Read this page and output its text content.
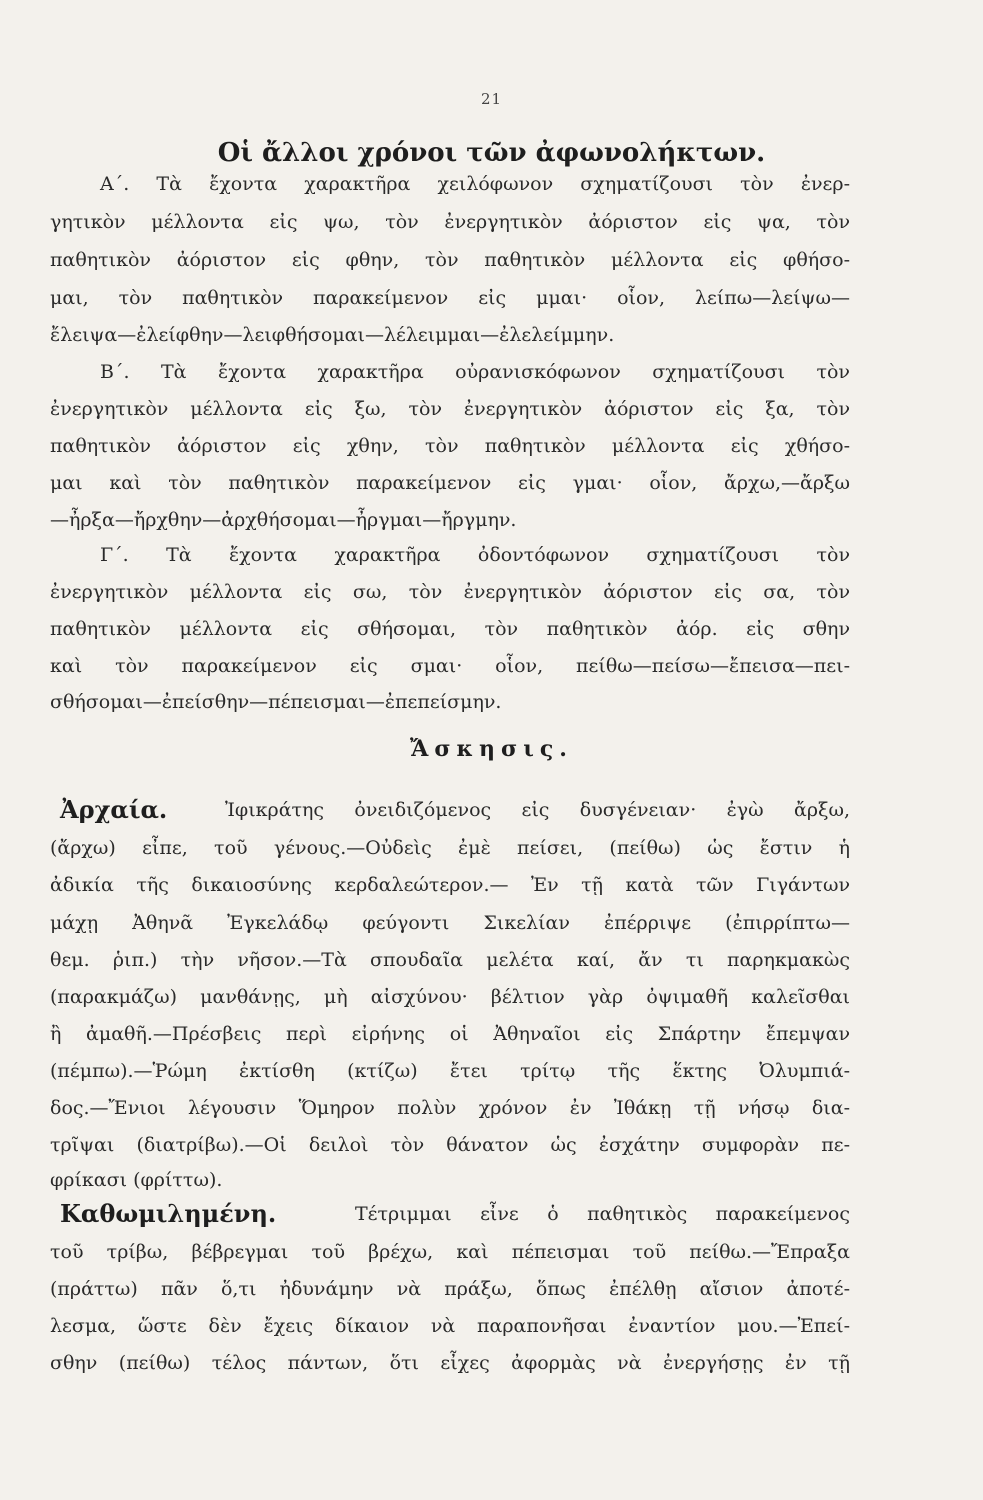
21
Οἱ ἄλλοι χρόνοι τῶν ἀφωνολήκτων.
Α΄. Τὰ ἔχοντα χαρακτῆρα χειλόφωνον σχηματίζουσι τὸν ἐνερ-
γητικὸν μέλλοντα εἰς ψω, τὸν ἐνεργητικὸν ἀόριστον εἰς ψα, τὸν
παθητικὸν ἀόριστον εἰς φθην, τὸν παθητικὸν μέλλοντα εἰς φθήσο-
μαι, τὸν παθητικὸν παρακείμενον εἰς μμαι· οἷον, λείπω—λείψω—
ἔλειψα—ἐλείφθην—λειφθήσομαι—λέλειμμαι—ἐλελείμμην.
Β΄. Τὰ ἔχοντα χαρακτῆρα οὐρανισκόφωνον σχηματίζουσι τὸν
ἐνεργητικὸν μέλλοντα εἰς ξω, τὸν ἐνεργητικὸν ἀόριστον εἰς ξα, τὸν
παθητικὸν ἀόριστον εἰς χθην, τὸν παθητικὸν μέλλοντα εἰς χθήσο-
μαι καὶ τὸν παθητικὸν παρακείμενον εἰς γμαι· οἷον, ἄρχω,—ἄρξω
—ἦρξα—ἤρχθην—ἀρχθήσομαι—ἦργμαι—ἤργμην.
Γ΄. Τὰ ἔχοντα χαρακτῆρα ὀδοντόφωνον σχηματίζουσι τὸν
ἐνεργητικὸν μέλλοντα εἰς σω, τὸν ἐνεργητικὸν ἀόριστον εἰς σα, τὸν
παθητικὸν μέλλοντα εἰς σθήσομαι, τὸν παθητικὸν ἀόρ. εἰς σθην
καὶ τὸν παρακείμενον εἰς σμαι· οἷον, πείθω—πείσω—ἔπεισα—πει-
σθήσομαι—ἐπείσθην—πέπεισμαι—ἐπεπείσμην.
Ἄσκησις.
Ἀρχαία.	Ἰφικράτης ὀνειδιζόμενος εἰς δυσγένειαν· ἐγὼ ἄρξω,
(ἄρχω) εἶπε, τοῦ γένους.—Οὐδεὶς ἐμὲ πείσει, (πείθω) ὡς ἔστιν ἡ
ἀδικία τῆς δικαιοσύνης κερδαλεώτερον.— Ἐν τῇ κατὰ τῶν Γιγάντων
μάχῃ Ἀθηνᾶ Ἐγκελάδῳ φεύγοντι Σικελίαν ἐπέρριψε (ἐπιρρίπτω—
θεμ. ῥιπ.) τὴν νῆσον.—Τὰ σπουδαῖα μελέτα καί, ἄν τι παρηκμακὼς
(παρακμάζω) μανθάνῃς, μὴ αἰσχύνου· βέλτιον γὰρ ὀψιμαθῆ καλεῖσθαι
ἢ ἀμαθῆ.—Πρέσβεις περὶ εἰρήνης οἱ Ἀθηναῖοι εἰς Σπάρτην ἔπεμψαν
(πέμπω).—Ῥώμη ἐκτίσθη (κτίζω) ἔτει τρίτῳ τῆς ἕκτης Ὀλυμπιά-
δος.—Ἔνιοι λέγουσιν Ὅμηρον πολὺν χρόνον ἐν Ἰθάκῃ τῇ νήσῳ δια-
τρῖψαι (διατρίβω).—Οἱ δειλοὶ τὸν θάνατον ὡς ἐσχάτην συμφορὰν πε-
φρίκασι (φρίττω).
Καθωμιλημένη.	Τέτριμμαι εἶνε ὁ παθητικὸς παρακείμενος
τοῦ τρίβω, βέβρεγμαι τοῦ βρέχω, καὶ πέπεισμαι τοῦ πείθω.—Ἔπραξα
(πράττω) πᾶν ὅ,τι ἠδυνάμην νὰ πράξω, ὅπως ἐπέλθῃ αἴσιον ἀποτέ-
λεσμα, ὥστε δὲν ἔχεις δίκαιον νὰ παραπονῆσαι ἐναντίον μου.—Ἐπεί-
σθην (πείθω) τέλος πάντων, ὅτι εἶχες ἀφορμὰς νὰ ἐνεργήσῃς ἐν τῇ
